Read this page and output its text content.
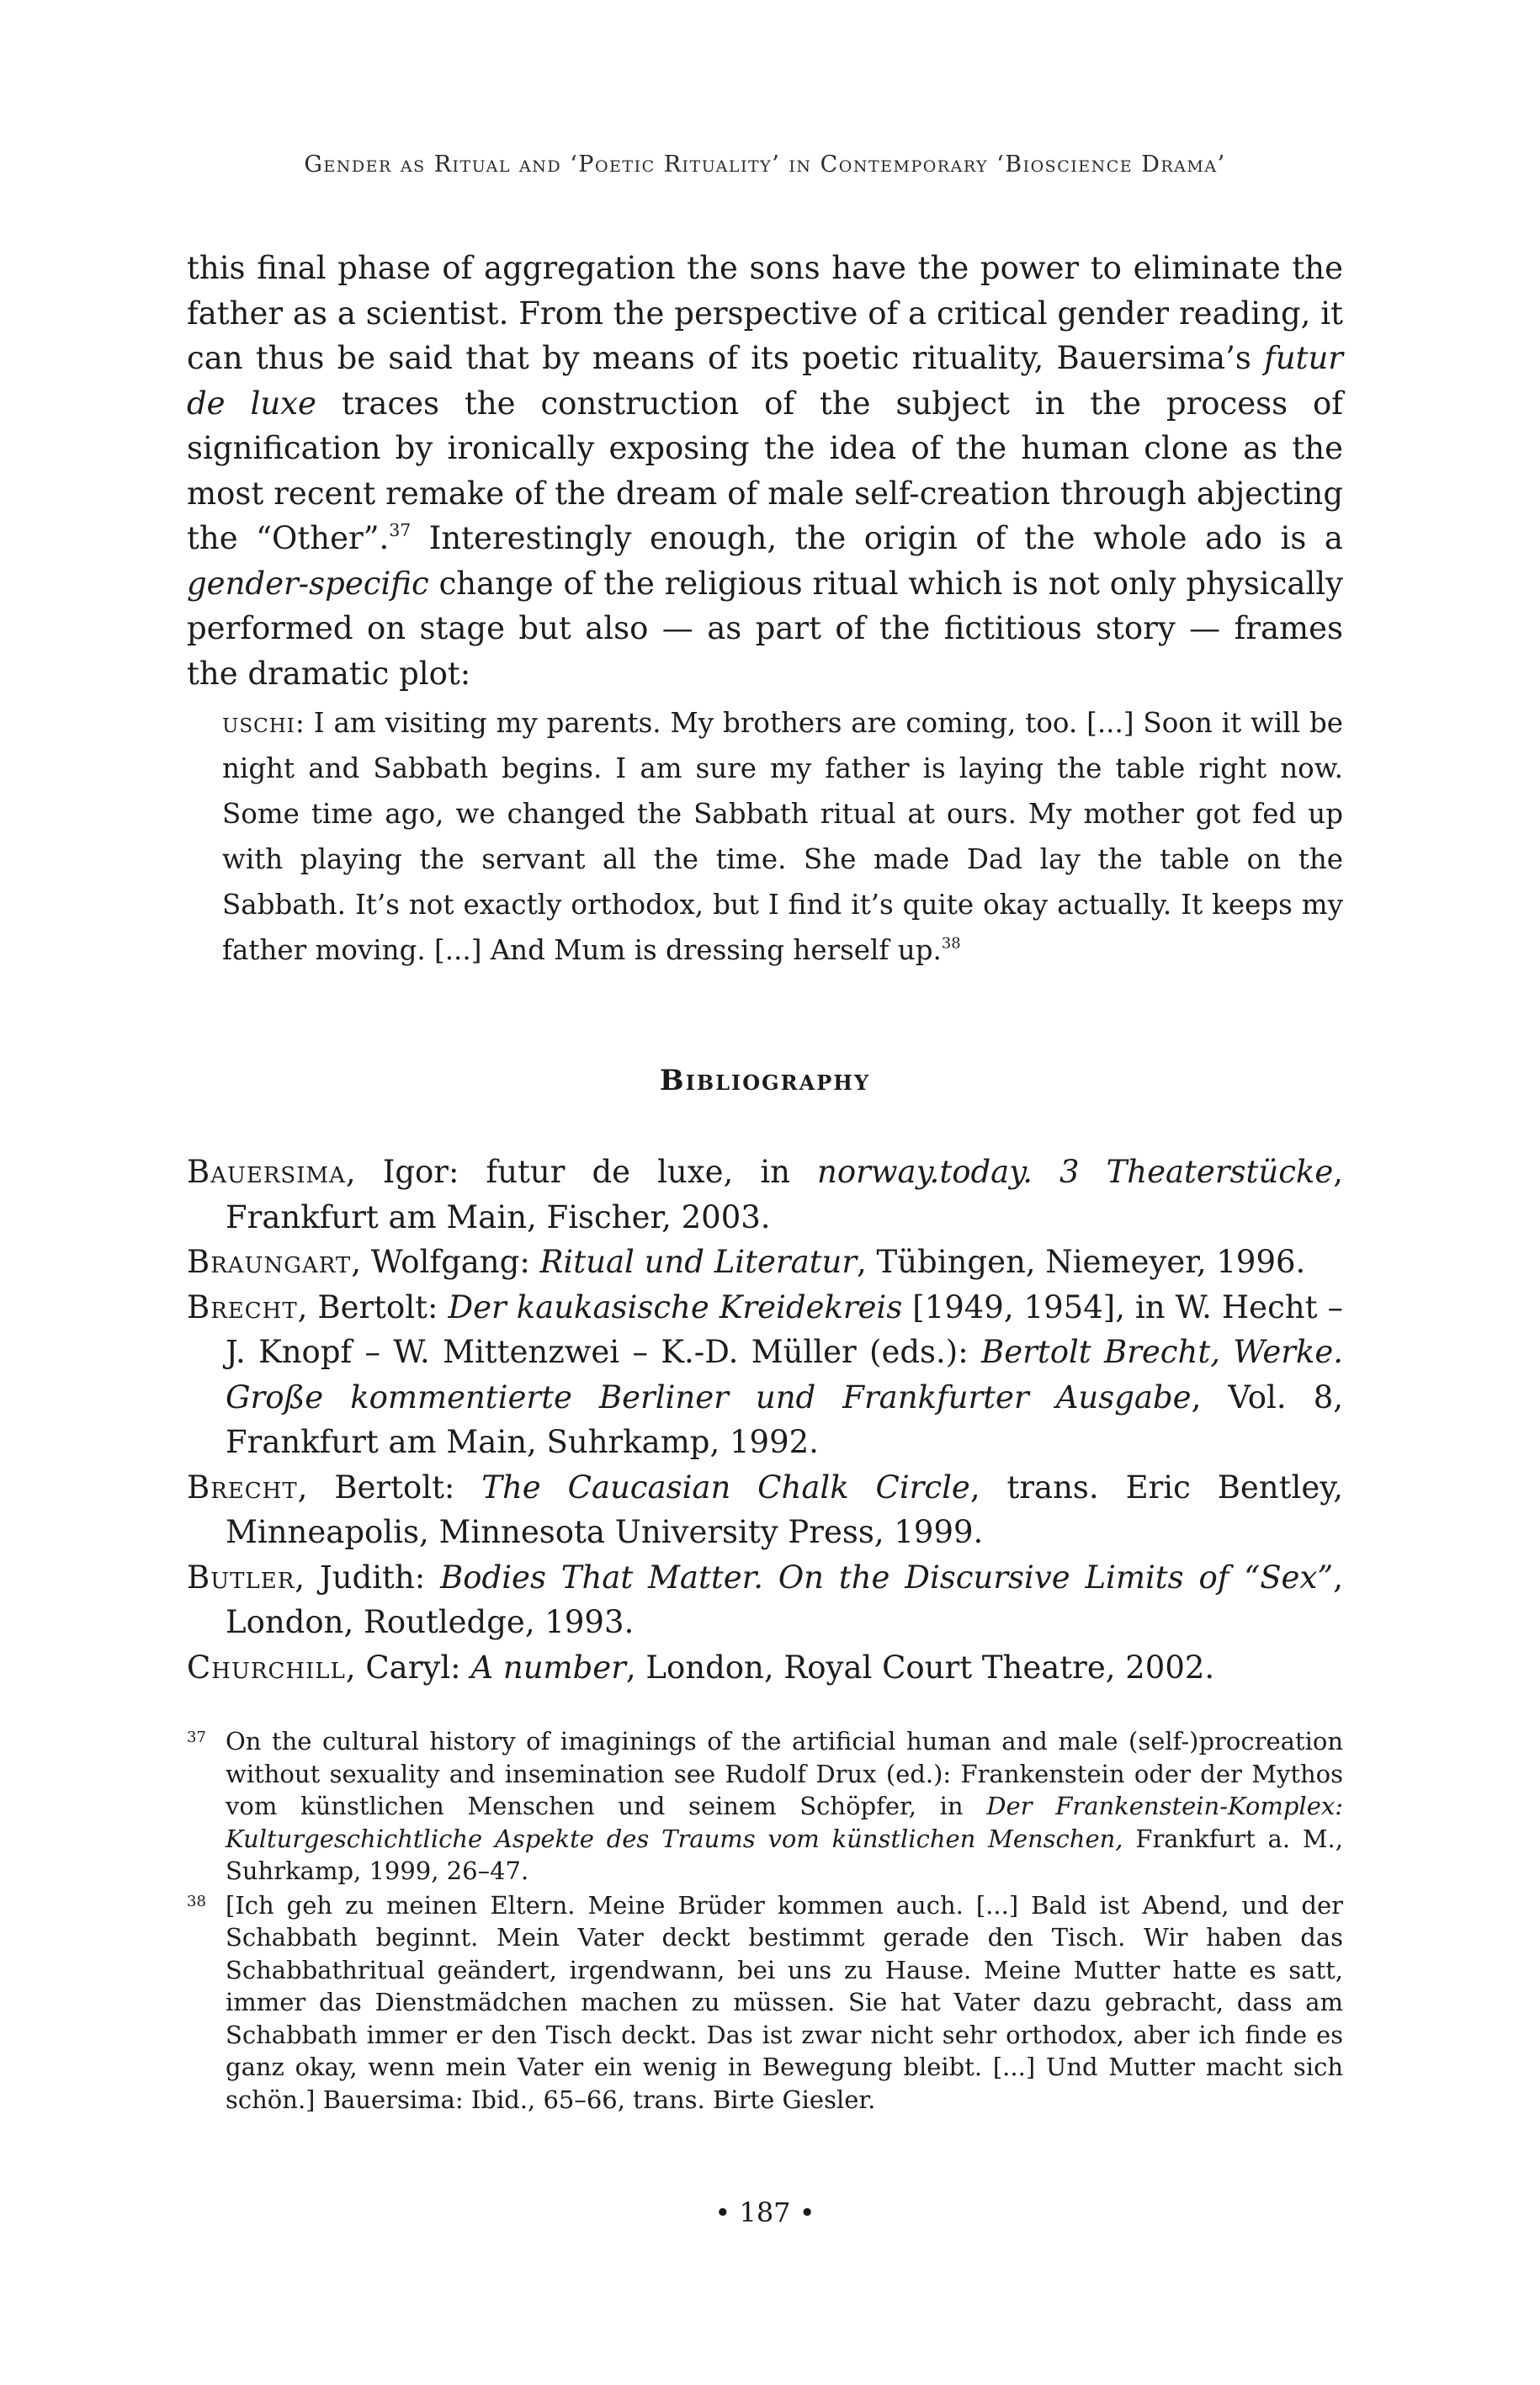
Gender as Ritual and ‘Poetic Rituality’ in Contemporary ‘Bioscience Drama’

this final phase of aggregation the sons have the power to eliminate the father as a scientist. From the perspective of a critical gender reading, it can thus be said that by means of its poetic rituality, Bauersima’s futur de luxe traces the construction of the subject in the process of signification by ironically exposing the idea of the human clone as the most recent remake of the dream of male self-creation through abjecting the “Other”.$^{37}$ Interestingly enough, the origin of the whole ado is a gender-specific change of the religious ritual which is not only physically performed on stage but also — as part of the fictitious story — frames the dramatic plot:

uschi: I am visiting my parents. My brothers are coming, too. [...] Soon it will be night and Sabbath begins. I am sure my father is laying the table right now. Some time ago, we changed the Sabbath ritual at ours. My mother got fed up with playing the servant all the time. She made Dad lay the table on the Sabbath. It’s not exactly orthodox, but I find it’s quite okay actually. It keeps my father moving. [...] And Mum is dressing herself up.$^{38}$

Bibliography
Bauersima, Igor: futur de luxe, in norway.today. 3 Theaterstücke, Frankfurt am Main, Fischer, 2003.
Braungart, Wolfgang: Ritual und Literatur, Tübingen, Niemeyer, 1996.
Brecht, Bertolt: Der kaukasische Kreidekreis [1949, 1954], in W. Hecht – J. Knopf – W. Mittenzwei – K.-D. Müller (eds.): Bertolt Brecht, Werke. Große kommentierte Berliner und Frankfurter Ausgabe, Vol. 8, Frankfurt am Main, Suhrkamp, 1992.
Brecht, Bertolt: The Caucasian Chalk Circle, trans. Eric Bentley, Minneapolis, Minnesota University Press, 1999.
Butler, Judith: Bodies That Matter. On the Discursive Limits of “Sex”, London, Routledge, 1993.
Churchill, Caryl: A number, London, Royal Court Theatre, 2002.

37 On the cultural history of imaginings of the artificial human and male (self-)procreation without sexuality and insemination see Rudolf Drux (ed.): Frankenstein oder der Mythos vom künstlichen Menschen und seinem Schöpfer, in Der Frankenstein-Komplex: Kulturgeschichtliche Aspekte des Traums vom künstlichen Menschen, Frankfurt a. M., Suhrkamp, 1999, 26–47.

38 [Ich geh zu meinen Eltern. Meine Brüder kommen auch. [...] Bald ist Abend, und der Schabbath beginnt. Mein Vater deckt bestimmt gerade den Tisch. Wir haben das Schabbathritual geändert, irgendwann, bei uns zu Hause. Meine Mutter hatte es satt, immer das Dienstmädchen machen zu müssen. Sie hat Vater dazu gebracht, dass am Schabbath immer er den Tisch deckt. Das ist zwar nicht sehr orthodox, aber ich finde es ganz okay, wenn mein Vater ein wenig in Bewegung bleibt. [...] Und Mutter macht sich schön.] Bauersima: Ibid., 65–66, trans. Birte Giesler.

• 187 •
